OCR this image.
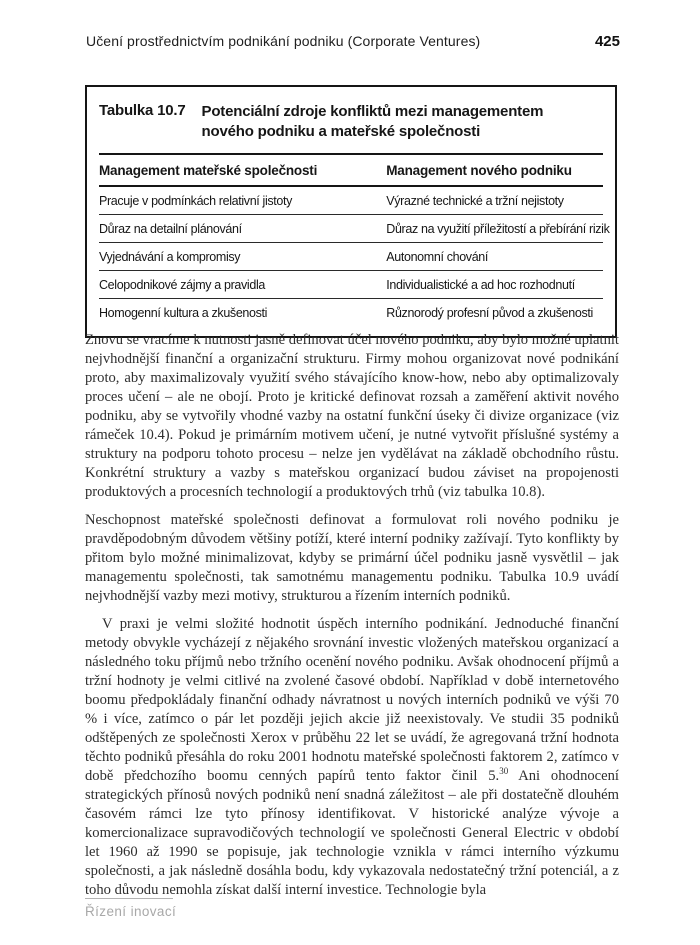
Učení prostřednictvím podnikání podniku (Corporate Ventures)	425
Tabulka 10.7 Potenciální zdroje konfliktů mezi managementem nového podniku a mateřské společnosti
Management mateřské společnosti	Management nového podniku
Pracuje v podmínkách relativní jistoty	Výrazné technické a tržní nejistoty
Důraz na detailní plánování	Důraz na využití příležitostí a přebírání rizik
Vyjednávání a kompromisy	Autonomní chování
Celopodnikové zájmy a pravidla	Individualistické a ad hoc rozhodnutí
Homogenní kultura a zkušenosti	Různorodý profesní původ a zkušenosti

Znovu se vracíme k nutnosti jasně definovat účel nového podniku, aby bylo možné uplatnit nejvhodnější finanční a organizační strukturu. Firmy mohou organizovat nové podnikání proto, aby maximalizovaly využití svého stávajícího know-how, nebo aby optimalizovaly proces učení – ale ne obojí. Proto je kritické definovat rozsah a zaměření aktivit nového podniku, aby se vytvořily vhodné vazby na ostatní funkční úseky či divize organizace (viz rámeček 10.4). Pokud je primárním motivem učení, je nutné vytvořit příslušné systémy a struktury na podporu tohoto procesu – nelze jen vydělávat na základě obchodního růstu. Konkrétní struktury a vazby s mateřskou organizací budou záviset na propojenosti produktových a procesních technologií a produktových trhů (viz tabulka 10.8).

Neschopnost mateřské společnosti definovat a formulovat roli nového podniku je pravděpodobným důvodem většiny potíží, které interní podniky zažívají. Tyto konflikty by přitom bylo možné minimalizovat, kdyby se primární účel podniku jasně vysvětlil – jak managementu společnosti, tak samotnému managementu podniku. Tabulka 10.9 uvádí nejvhodnější vazby mezi motivy, strukturou a řízením interních podniků.

V praxi je velmi složité hodnotit úspěch interního podnikání. Jednoduché finanční metody obvykle vycházejí z nějakého srovnání investic vložených mateřskou organizací a následného toku příjmů nebo tržního ocenění nového podniku. Avšak ohodnocení příjmů a tržní hodnoty je velmi citlivé na zvolené časové období. Například v době internetového boomu předpokládaly finanční odhady návratnost u nových interních podniků ve výši 70 % i více, zatímco o pár let později jejich akcie již neexistovaly. Ve studii 35 podniků odštěpených ze společnosti Xerox v průběhu 22 let se uvádí, že agregovaná tržní hodnota těchto podniků přesáhla do roku 2001 hodnotu mateřské společnosti faktorem 2, zatímco v době předchozího boomu cenných papírů tento faktor činil 5.30 Ani ohodnocení strategických přínosů nových podniků není snadná záležitost – ale při dostatečně dlouhém časovém rámci lze tyto přínosy identifikovat. V historické analýze vývoje a komercionalizace supravodičových technologií ve společnosti General Electric v období let 1960 až 1990 se popisuje, jak technologie vznikla v rámci interního výzkumu společnosti, a jak následně dosáhla bodu, kdy vykazovala nedostatečný tržní potenciál, a z toho důvodu nemohla získat další interní investice. Technologie byla

Řízení inovací
